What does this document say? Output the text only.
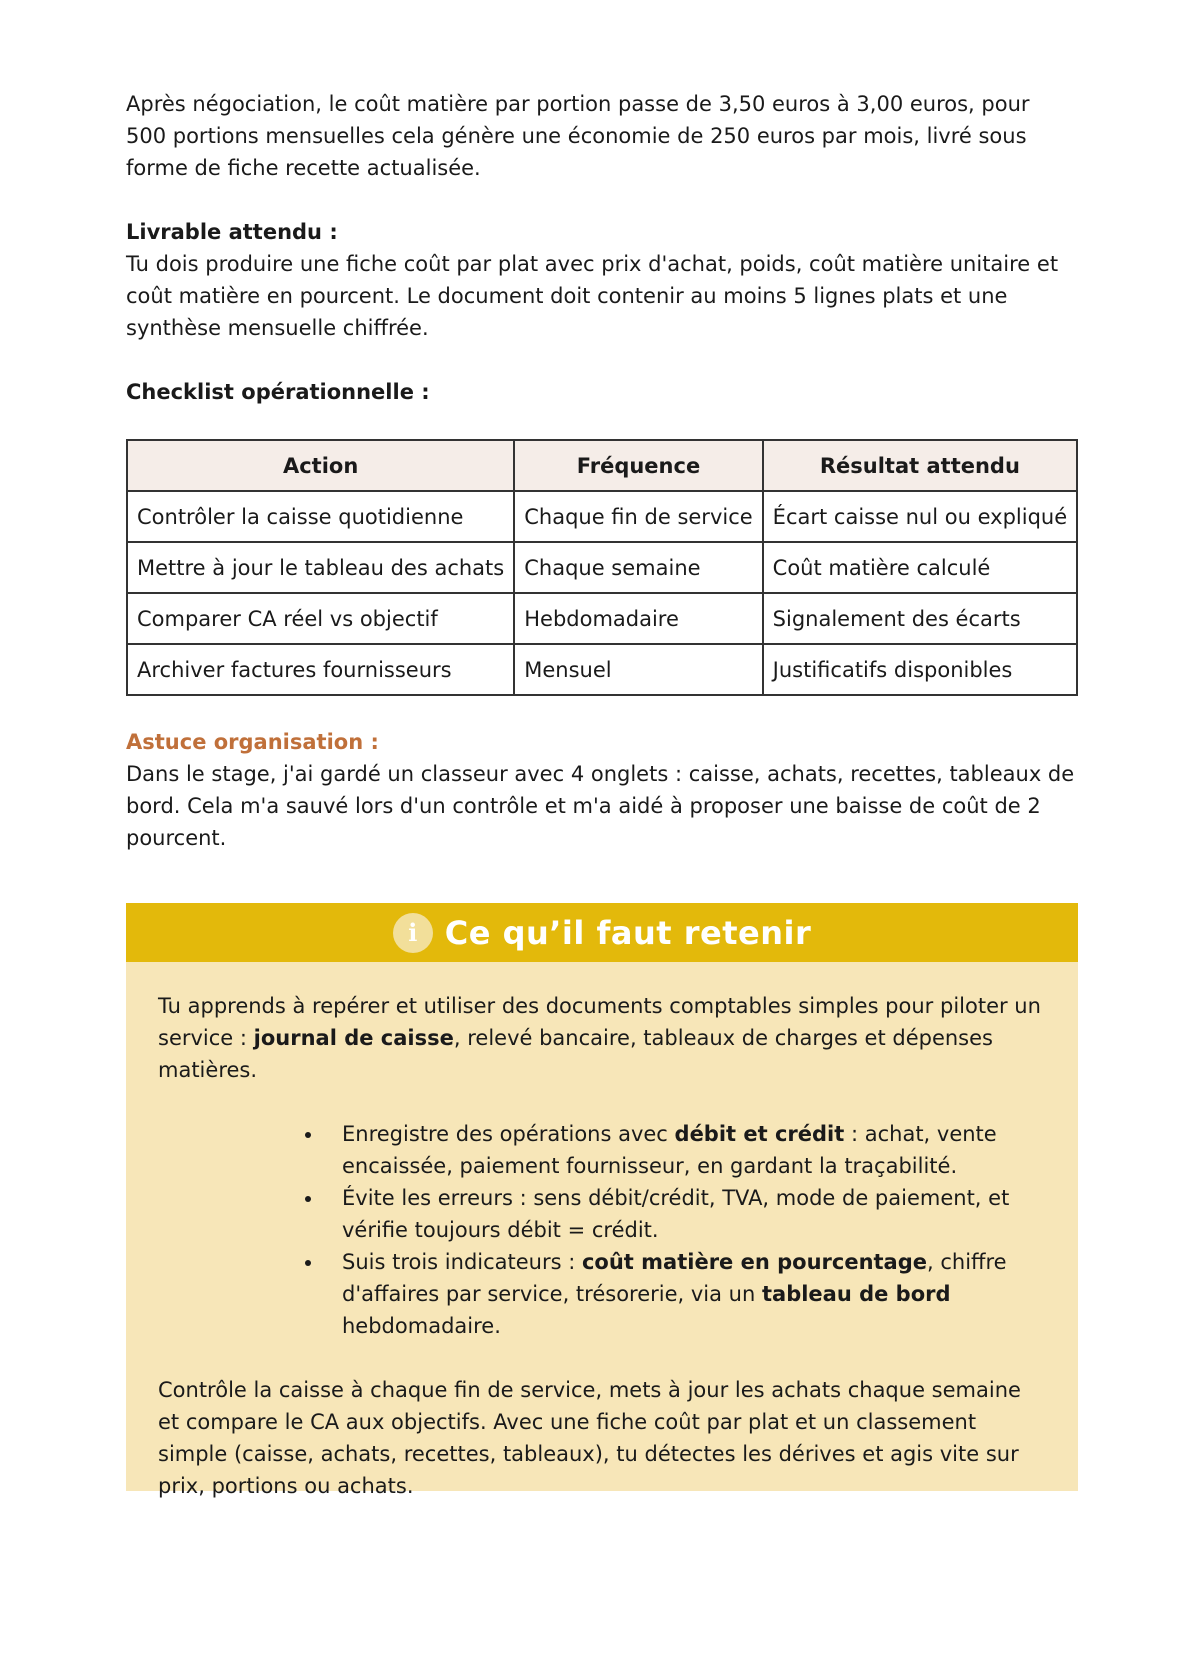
Après négociation, le coût matière par portion passe de 3,50 euros à 3,00 euros, pour 500 portions mensuelles cela génère une économie de 250 euros par mois, livré sous forme de fiche recette actualisée.

Livrable attendu :

Tu dois produire une fiche coût par plat avec prix d'achat, poids, coût matière unitaire et coût matière en pourcent. Le document doit contenir au moins 5 lignes plats et une synthèse mensuelle chiffrée.

Checklist opérationnelle :

Action	Fréquence	Résultat attendu
Contrôler la caisse quotidienne	Chaque fin de service	Écart caisse nul ou expliqué
Mettre à jour le tableau des achats	Chaque semaine	Coût matière calculé
Comparer CA réel vs objectif	Hebdomadaire	Signalement des écarts
Archiver factures fournisseurs	Mensuel	Justificatifs disponibles

Astuce organisation :

Dans le stage, j'ai gardé un classeur avec 4 onglets : caisse, achats, recettes, tableaux de bord. Cela m'a sauvé lors d'un contrôle et m'a aidé à proposer une baisse de coût de 2 pourcent.

i Ce qu’il faut retenir

Tu apprends à repérer et utiliser des documents comptables simples pour piloter un service : journal de caisse, relevé bancaire, tableaux de charges et dépenses matières.

• Enregistre des opérations avec débit et crédit : achat, vente encaissée, paiement fournisseur, en gardant la traçabilité.
• Évite les erreurs : sens débit/crédit, TVA, mode de paiement, et vérifie toujours débit = crédit.
• Suis trois indicateurs : coût matière en pourcentage, chiffre d'affaires par service, trésorerie, via un tableau de bord hebdomadaire.

Contrôle la caisse à chaque fin de service, mets à jour les achats chaque semaine et compare le CA aux objectifs. Avec une fiche coût par plat et un classement simple (caisse, achats, recettes, tableaux), tu détectes les dérives et agis vite sur prix, portions ou achats.
